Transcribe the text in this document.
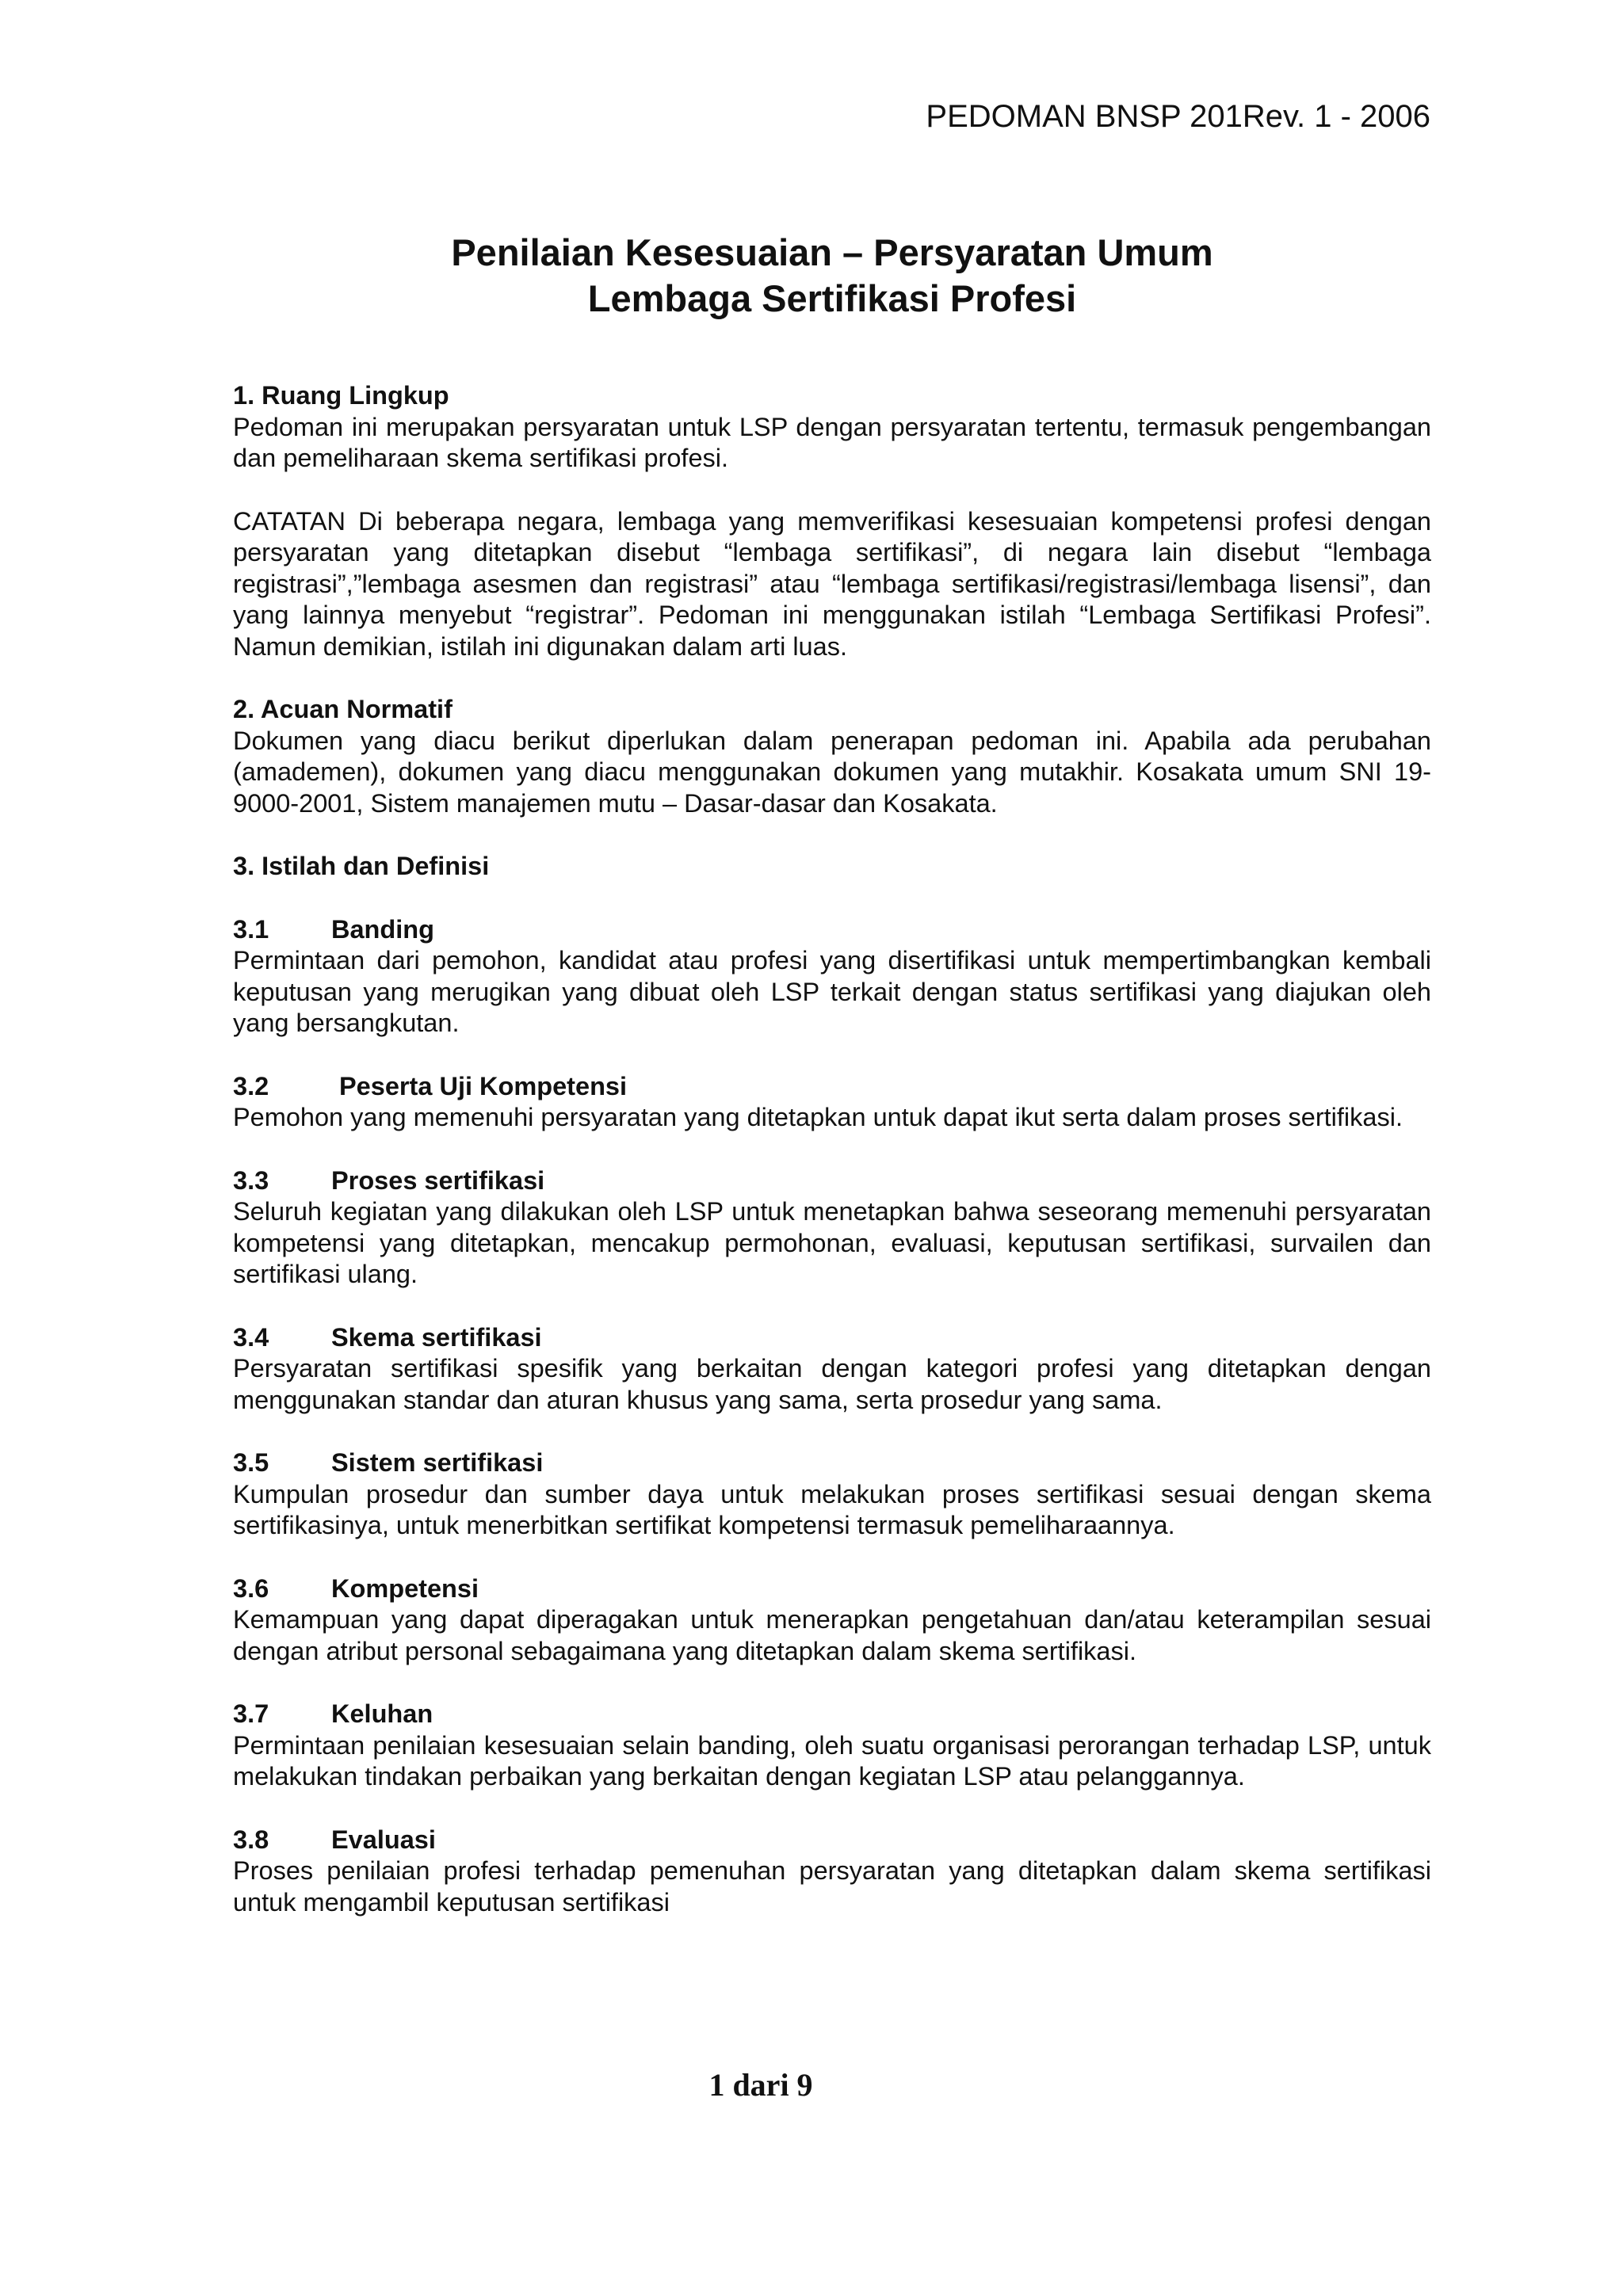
PEDOMAN BNSP 201Rev. 1 - 2006
Penilaian Kesesuaian – Persyaratan Umum
Lembaga Sertifikasi Profesi

1. Ruang Lingkup

Pedoman ini merupakan persyaratan untuk LSP dengan persyaratan tertentu, termasuk pengembangan dan pemeliharaan skema sertifikasi profesi.

CATATAN Di beberapa negara, lembaga yang memverifikasi kesesuaian kompetensi profesi dengan persyaratan yang ditetapkan disebut “lembaga sertifikasi”, di negara lain disebut “lembaga registrasi”,”lembaga asesmen dan registrasi” atau “lembaga sertifikasi/registrasi/lembaga lisensi”, dan yang lainnya menyebut “registrar”. Pedoman ini menggunakan istilah “Lembaga Sertifikasi Profesi”. Namun demikian, istilah ini digunakan dalam arti luas.

2. Acuan Normatif

Dokumen yang diacu berikut diperlukan dalam penerapan pedoman ini. Apabila ada perubahan (amademen), dokumen yang diacu menggunakan dokumen yang mutakhir. Kosakata umum SNI 19-9000-2001, Sistem manajemen mutu – Dasar-dasar dan Kosakata.

3. Istilah dan Definisi

3.1	Banding

Permintaan dari pemohon, kandidat atau profesi yang disertifikasi untuk mempertimbangkan kembali keputusan yang merugikan yang dibuat oleh LSP terkait dengan status sertifikasi yang diajukan oleh yang bersangkutan.

3.2	Peserta Uji Kompetensi

Pemohon yang memenuhi persyaratan yang ditetapkan untuk dapat ikut serta dalam proses sertifikasi.

3.3	Proses sertifikasi

Seluruh kegiatan yang dilakukan oleh LSP untuk menetapkan bahwa seseorang memenuhi persyaratan kompetensi yang ditetapkan, mencakup permohonan, evaluasi, keputusan sertifikasi, survailen dan sertifikasi ulang.

3.4	Skema sertifikasi

Persyaratan sertifikasi spesifik yang berkaitan dengan kategori profesi yang ditetapkan dengan menggunakan standar dan aturan khusus yang sama, serta prosedur yang sama.

3.5	Sistem sertifikasi

Kumpulan prosedur dan sumber daya untuk melakukan proses sertifikasi sesuai dengan skema sertifikasinya, untuk menerbitkan sertifikat kompetensi termasuk pemeliharaannya.

3.6	Kompetensi

Kemampuan yang dapat diperagakan untuk menerapkan pengetahuan dan/atau keterampilan sesuai dengan atribut personal sebagaimana yang ditetapkan dalam skema sertifikasi.

3.7	Keluhan

Permintaan penilaian kesesuaian selain banding, oleh suatu organisasi perorangan terhadap LSP, untuk melakukan tindakan perbaikan yang berkaitan dengan kegiatan LSP atau pelanggannya.

3.8	Evaluasi

Proses penilaian profesi terhadap pemenuhan persyaratan yang ditetapkan dalam skema sertifikasi untuk mengambil keputusan sertifikasi

1 dari 9
